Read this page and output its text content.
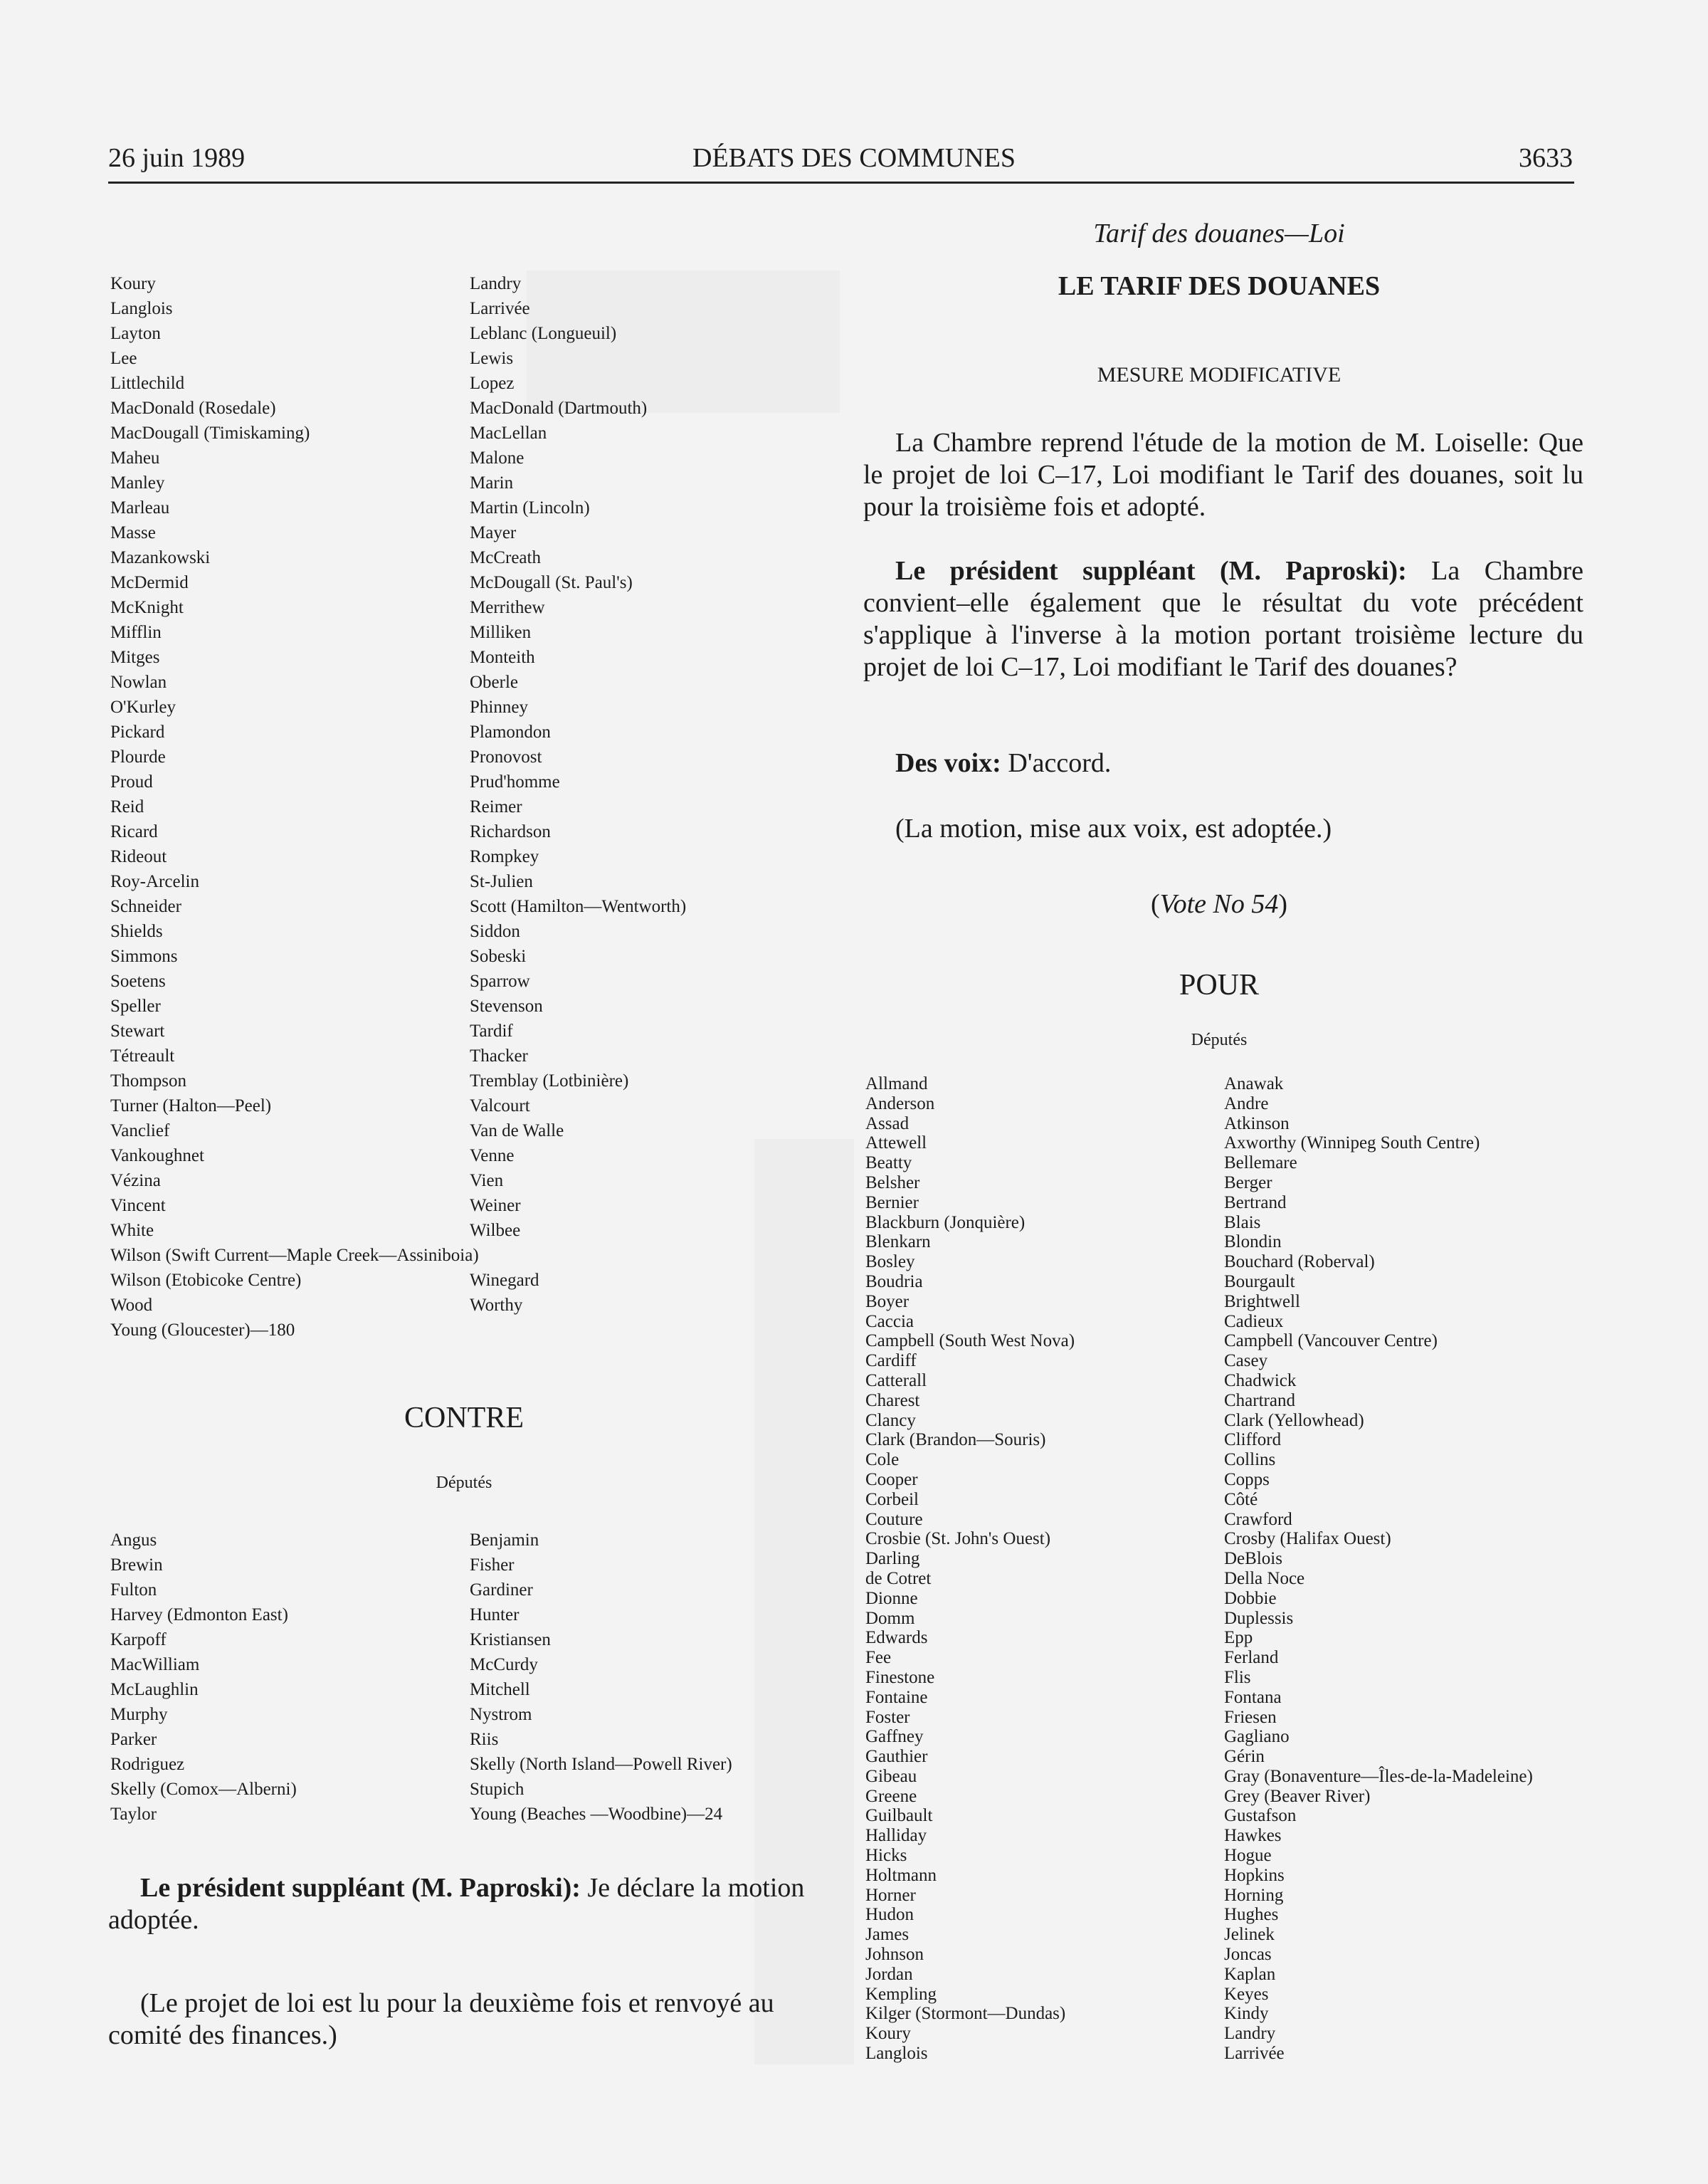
26 juin 1989	DÉBATS DES COMMUNES	3633
Koury
Langlois
Layton
Lee
Littlechild
MacDonald (Rosedale)
MacDougall (Timiskaming)
Maheu
Manley
Marleau
Masse
Mazankowski
McDermid
McKnight
Mifflin
Mitges
Nowlan
O'Kurley
Pickard
Plourde
Proud
Reid
Ricard
Rideout
Roy-Arcelin
Schneider
Shields
Simmons
Soetens
Speller
Stewart
Tétreault
Thompson
Turner (Halton—Peel)
Vanclief
Vankoughnet
Vézina
Vincent
White
Wilson (Swift Current—Maple Creek—Assiniboia)
Wilson (Etobicoke Centre)
Wood
Young (Gloucester)—180
Landry
Larrivée
Leblanc (Longueuil)
Lewis
Lopez
MacDonald (Dartmouth)
MacLellan
Malone
Marin
Martin (Lincoln)
Mayer
McCreath
McDougall (St. Paul's)
Merrithew
Milliken
Monteith
Oberle
Phinney
Plamondon
Pronovost
Prud'homme
Reimer
Richardson
Rompkey
St-Julien
Scott (Hamilton—Wentworth)
Siddon
Sobeski
Sparrow
Stevenson
Tardif
Thacker
Tremblay (Lotbinière)
Valcourt
Van de Walle
Venne
Vien
Weiner
Wilbee
Winegard
Worthy
CONTRE
Députés
Angus
Brewin
Fulton
Harvey (Edmonton East)
Karpoff
MacWilliam
McLaughlin
Murphy
Parker
Rodriguez
Skelly (Comox—Alberni)
Taylor
Benjamin
Fisher
Gardiner
Hunter
Kristiansen
McCurdy
Mitchell
Nystrom
Riis
Skelly (North Island—Powell River)
Stupich
Young (Beaches —Woodbine)—24

Le président suppléant (M. Paproski): Je déclare la motion adoptée.

(Le projet de loi est lu pour la deuxième fois et renvoyé au comité des finances.)

Tarif des douanes—Loi
LE TARIF DES DOUANES
MESURE MODIFICATIVE

La Chambre reprend l'étude de la motion de M. Loiselle: Que le projet de loi C–17, Loi modifiant le Tarif des douanes, soit lu pour la troisième fois et adopté.

Le président suppléant (M. Paproski): La Chambre convient–elle également que le résultat du vote précédent s'applique à l'inverse à la motion portant troisième lecture du projet de loi C–17, Loi modifiant le Tarif des douanes?

Des voix: D'accord.

(La motion, mise aux voix, est adoptée.)

(Vote No 54)
POUR
Députés
Allmand
Anderson
Assad
Attewell
Beatty
Belsher
Bernier
Blackburn (Jonquière)
Blenkarn
Bosley
Boudria
Boyer
Caccia
Campbell (South West Nova)
Cardiff
Catterall
Charest
Clancy
Clark (Brandon—Souris)
Cole
Cooper
Corbeil
Couture
Crosbie (St. John's Ouest)
Darling
de Cotret
Dionne
Domm
Edwards
Fee
Finestone
Fontaine
Foster
Gaffney
Gauthier
Gibeau
Greene
Guilbault
Halliday
Hicks
Holtmann
Horner
Hudon
James
Johnson
Jordan
Kempling
Kilger (Stormont—Dundas)
Koury
Langlois
Anawak
Andre
Atkinson
Axworthy (Winnipeg South Centre)
Bellemare
Berger
Bertrand
Blais
Blondin
Bouchard (Roberval)
Bourgault
Brightwell
Cadieux
Campbell (Vancouver Centre)
Casey
Chadwick
Chartrand
Clark (Yellowhead)
Clifford
Collins
Copps
Côté
Crawford
Crosby (Halifax Ouest)
DeBlois
Della Noce
Dobbie
Duplessis
Epp
Ferland
Flis
Fontana
Friesen
Gagliano
Gérin
Gray (Bonaventure—Îles-de-la-Madeleine)
Grey (Beaver River)
Gustafson
Hawkes
Hogue
Hopkins
Horning
Hughes
Jelinek
Joncas
Kaplan
Keyes
Kindy
Landry
Larrivée
